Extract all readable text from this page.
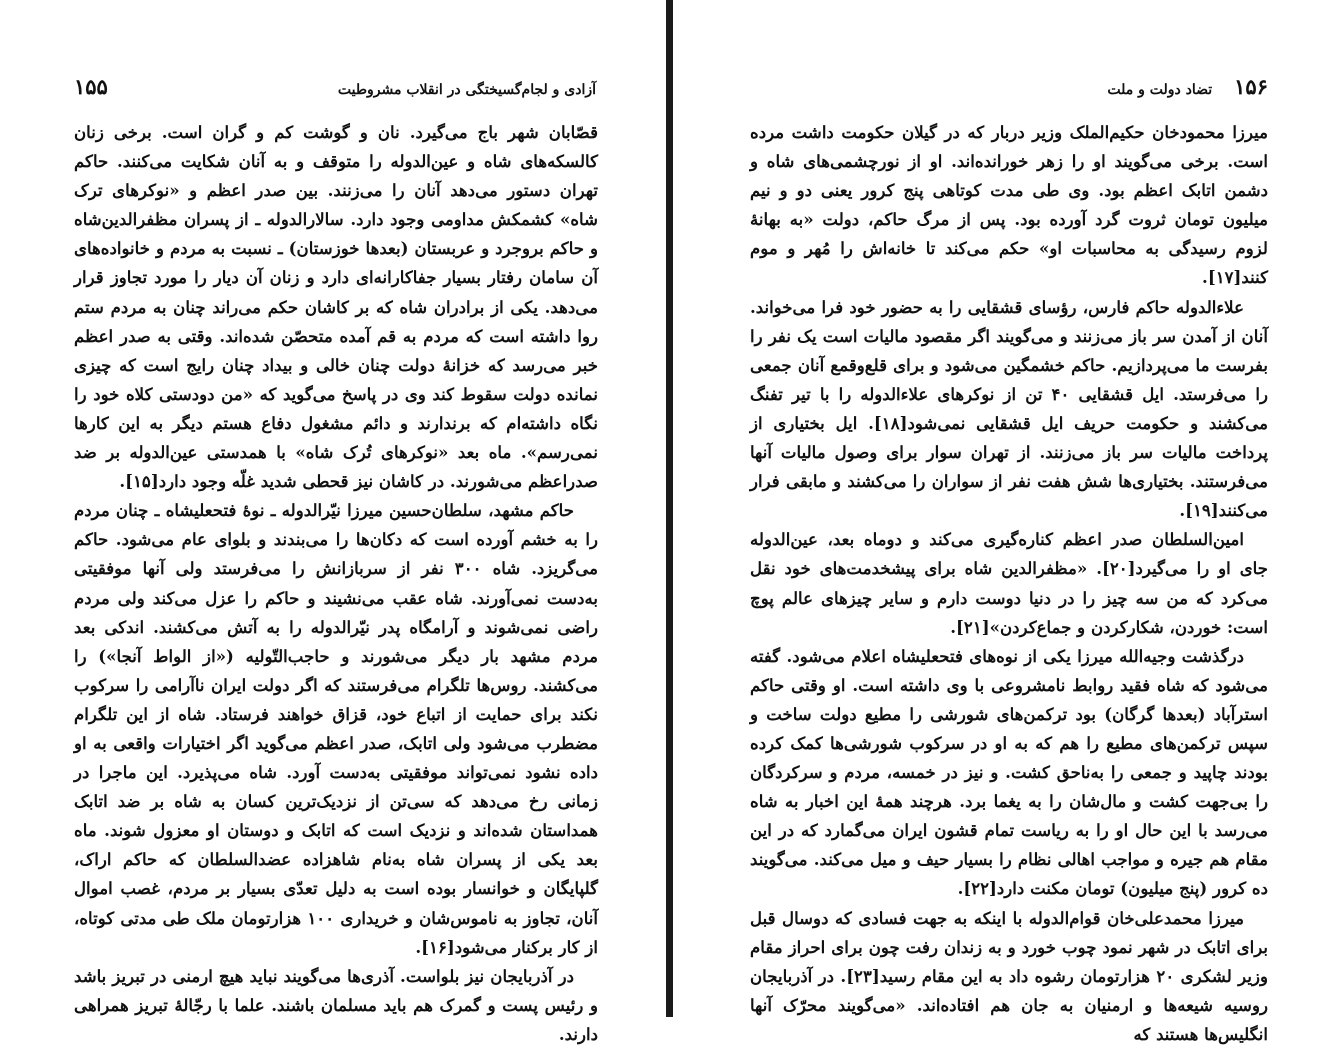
آزادی و لجام‌گسیختگی در انقلاب مشروطیت
۱۵۵

قصّابان شهر باج می‌گیرد. نان و گوشت کم و گران است. برخی زنان کالسکه‌های شاه و عین‌الدوله را متوقف و به آنان شکایت می‌کنند. حاکم تهران دستور می‌دهد آنان را می‌زنند. بین صدر اعظم و «نوکرهای ترک شاه» کشمکش مداومی وجود دارد. سالارالدوله ـ از پسران مظفرالدین‌شاه و حاکم بروجرد و عربستان (بعدها خوزستان) ـ نسبت به مردم و خانواده‌های آن سامان رفتار بسیار جفاکارانه‌ای دارد و زنان آن دیار را مورد تجاوز قرار می‌دهد. یکی از برادران شاه که بر کاشان حکم می‌راند چنان به مردم ستم روا داشته است که مردم به قم آمده متحصّن شده‌اند. وقتی به صدر اعظم خبر می‌رسد که خزانهٔ دولت چنان خالی و بیداد چنان رایج است که چیزی نمانده دولت سقوط کند وی در پاسخ می‌گوید که «من دودستی کلاه خود را نگاه داشته‌ام که برندارند و دائم مشغول دفاع هستم دیگر به این کارها نمی‌رسم». ماه بعد «نوکرهای تُرک شاه» با همدستی عین‌الدوله بر ضد صدراعظم می‌شورند. در کاشان نیز قحطی شدید غلّه وجود دارد[۱۵].

حاکم مشهد، سلطان‌حسین میرزا نیّرالدوله ـ نوهٔ فتحعلیشاه ـ چنان مردم را به خشم آورده است که دکان‌ها را می‌بندند و بلوای عام می‌شود. حاکم می‌گریزد. شاه ۳۰۰ نفر از سربازانش را می‌فرستد ولی آنها موفقیتی به‌دست نمی‌آورند. شاه عقب می‌نشیند و حاکم را عزل می‌کند ولی مردم راضی نمی‌شوند و آرامگاه پدر نیّرالدوله را به آتش می‌کشند. اندکی بعد مردم مشهد بار دیگر می‌شورند و حاجب‌التّولیه («از الواط آنجا») را می‌کشند. روس‌ها تلگرام می‌فرستند که اگر دولت ایران ناآرامی را سرکوب نکند برای حمایت از اتباع خود، قزاق خواهند فرستاد. شاه از این تلگرام مضطرب می‌شود ولی اتابک، صدر اعظم می‌گوید اگر اختیارات واقعی به او داده نشود نمی‌تواند موفقیتی به‌دست آورد. شاه می‌پذیرد. این ماجرا در زمانی رخ می‌دهد که سی‌تن از نزدیک‌ترین کسان به شاه بر ضد اتابک همداستان شده‌اند و نزدیک است که اتابک و دوستان او معزول شوند. ماه بعد یکی از پسران شاه به‌نام شاهزاده عضدالسلطان که حاکم اراک، گلپایگان و خوانسار بوده است به دلیل تعدّی بسیار بر مردم، غصب اموال آنان، تجاوز به ناموس‌شان و خریداری ۱۰۰ هزارتومان ملک طی مدتی کوتاه، از کار برکنار می‌شود[۱۶].

در آذربایجان نیز بلواست. آذری‌ها می‌گویند نباید هیچ ارمنی در تبریز باشد و رئیس پست و گمرک هم باید مسلمان باشند. علما با رجّالهٔ تبریز همراهی دارند.

۱۵۶
تضاد دولت و ملت

میرزا محمودخان حکیم‌الملک وزیر دربار که در گیلان حکومت داشت مرده است. برخی می‌گویند او را زهر خورانده‌اند. او از نورچشمی‌های شاه و دشمن اتابک اعظم بود. وی طی مدت کوتاهی پنج کرور یعنی دو و نیم میلیون تومان ثروت گرد آورده بود. پس از مرگ حاکم، دولت «به بهانهٔ لزوم رسیدگی به محاسبات او» حکم می‌کند تا خانه‌اش را مُهر و موم کنند[۱۷].

علاءالدوله حاکم فارس، رؤسای قشقایی را به حضور خود فرا می‌خواند. آنان از آمدن سر باز می‌زنند و می‌گویند اگر مقصود مالیات است یک نفر را بفرست ما می‌پردازیم. حاکم خشمگین می‌شود و برای قلع‌وقمع آنان جمعی را می‌فرستد. ایل قشقایی ۴۰ تن از نوکرهای علاءالدوله را با تیر تفنگ می‌کشند و حکومت حریف ایل قشقایی نمی‌شود[۱۸]. ایل بختیاری از پرداخت مالیات سر باز می‌زنند. از تهران سوار برای وصول مالیات آنها می‌فرستند. بختیاری‌ها شش هفت نفر از سواران را می‌کشند و مابقی فرار می‌کنند[۱۹].

امین‌السلطان صدر اعظم کناره‌گیری می‌کند و دوماه بعد، عین‌الدوله جای او را می‌گیرد[۲۰]. «مظفرالدین شاه برای پیشخدمت‌های خود نقل می‌کرد که من سه چیز را در دنیا دوست دارم و سایر چیزهای عالم پوچ است: خوردن، شکارکردن و جماع‌کردن»[۲۱].

درگذشت وجیه‌الله میرزا یکی از نوه‌های فتحعلیشاه اعلام می‌شود. گفته می‌شود که شاه فقید روابط نامشروعی با وی داشته است. او وقتی حاکم استرآباد (بعدها گرگان) بود ترکمن‌های شورشی را مطیع دولت ساخت و سپس ترکمن‌های مطیع را هم که به او در سرکوب شورشی‌ها کمک کرده بودند چاپید و جمعی را به‌ناحق کشت. و نیز در خمسه، مردم و سرکردگان را بی‌جهت کشت و مال‌شان را به یغما برد. هرچند همهٔ این اخبار به شاه می‌رسد با این حال او را به ریاست تمام قشون ایران می‌گمارد که در این مقام هم جیره و مواجب اهالی نظام را بسیار حیف و میل می‌کند. می‌گویند ده کرور (پنج میلیون) تومان مکنت دارد[۲۲].

میرزا محمدعلی‌خان قوام‌الدوله با اینکه به جهت فسادی که دوسال قبل برای اتابک در شهر نمود چوب خورد و به زندان رفت چون برای احراز مقام وزیر لشکری ۲۰ هزارتومان رشوه داد به این مقام رسید[۲۳]. در آذربایجان روسیه شیعه‌ها و ارمنیان به جان هم افتاده‌اند. «می‌گویند محرّک آنها انگلیس‌ها هستند که
